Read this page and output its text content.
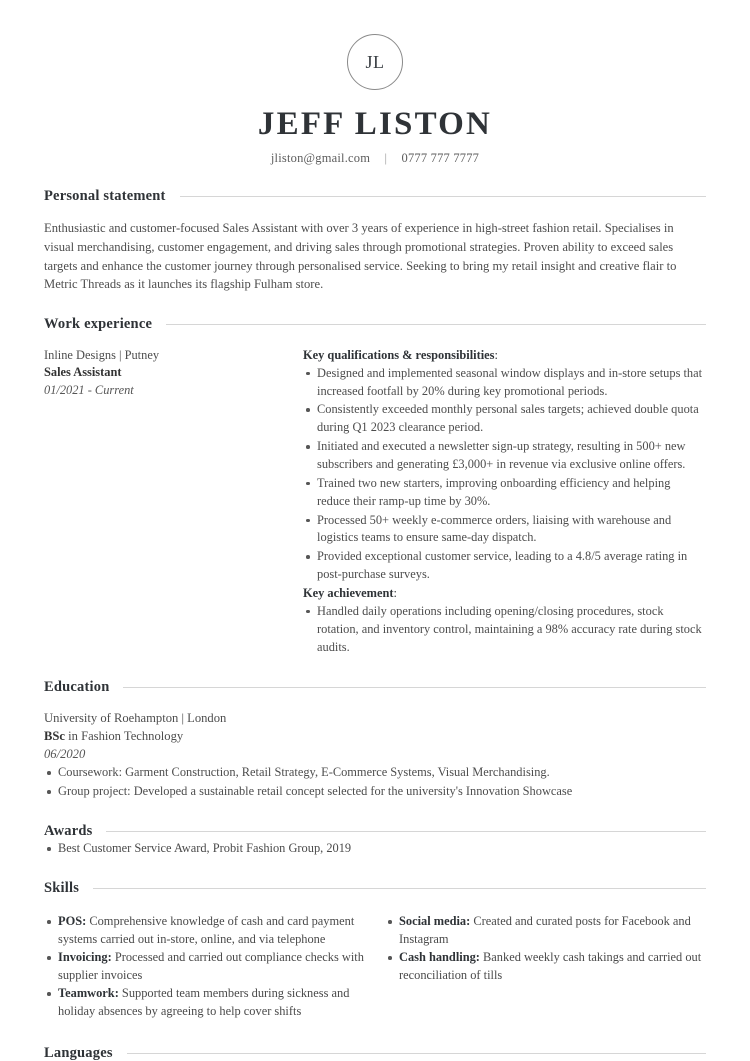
JL
JEFF LISTON
jliston@gmail.com | 0777 777 7777
Personal statement
Enthusiastic and customer-focused Sales Assistant with over 3 years of experience in high-street fashion retail. Specialises in visual merchandising, customer engagement, and driving sales through promotional strategies. Proven ability to exceed sales targets and enhance the customer journey through personalised service. Seeking to bring my retail insight and creative flair to Metric Threads as it launches its flagship Fulham store.
Work experience
Inline Designs | Putney
Sales Assistant
01/2021 - Current
Key qualifications & responsibilities:
Designed and implemented seasonal window displays and in-store setups that increased footfall by 20% during key promotional periods.
Consistently exceeded monthly personal sales targets; achieved double quota during Q1 2023 clearance period.
Initiated and executed a newsletter sign-up strategy, resulting in 500+ new subscribers and generating £3,000+ in revenue via exclusive online offers.
Trained two new starters, improving onboarding efficiency and helping reduce their ramp-up time by 30%.
Processed 50+ weekly e-commerce orders, liaising with warehouse and logistics teams to ensure same-day dispatch.
Provided exceptional customer service, leading to a 4.8/5 average rating in post-purchase surveys.
Key achievement:
Handled daily operations including opening/closing procedures, stock rotation, and inventory control, maintaining a 98% accuracy rate during stock audits.
Education
University of Roehampton | London
BSc in Fashion Technology
06/2020
Coursework: Garment Construction, Retail Strategy, E-Commerce Systems, Visual Merchandising.
Group project: Developed a sustainable retail concept selected for the university's Innovation Showcase
Awards
Best Customer Service Award, Probit Fashion Group, 2019
Skills
POS: Comprehensive knowledge of cash and card payment systems carried out in-store, online, and via telephone
Invoicing: Processed and carried out compliance checks with supplier invoices
Teamwork: Supported team members during sickness and holiday absences by agreeing to help cover shifts
Social media: Created and curated posts for Facebook and Instagram
Cash handling: Banked weekly cash takings and carried out reconciliation of tills
Languages
